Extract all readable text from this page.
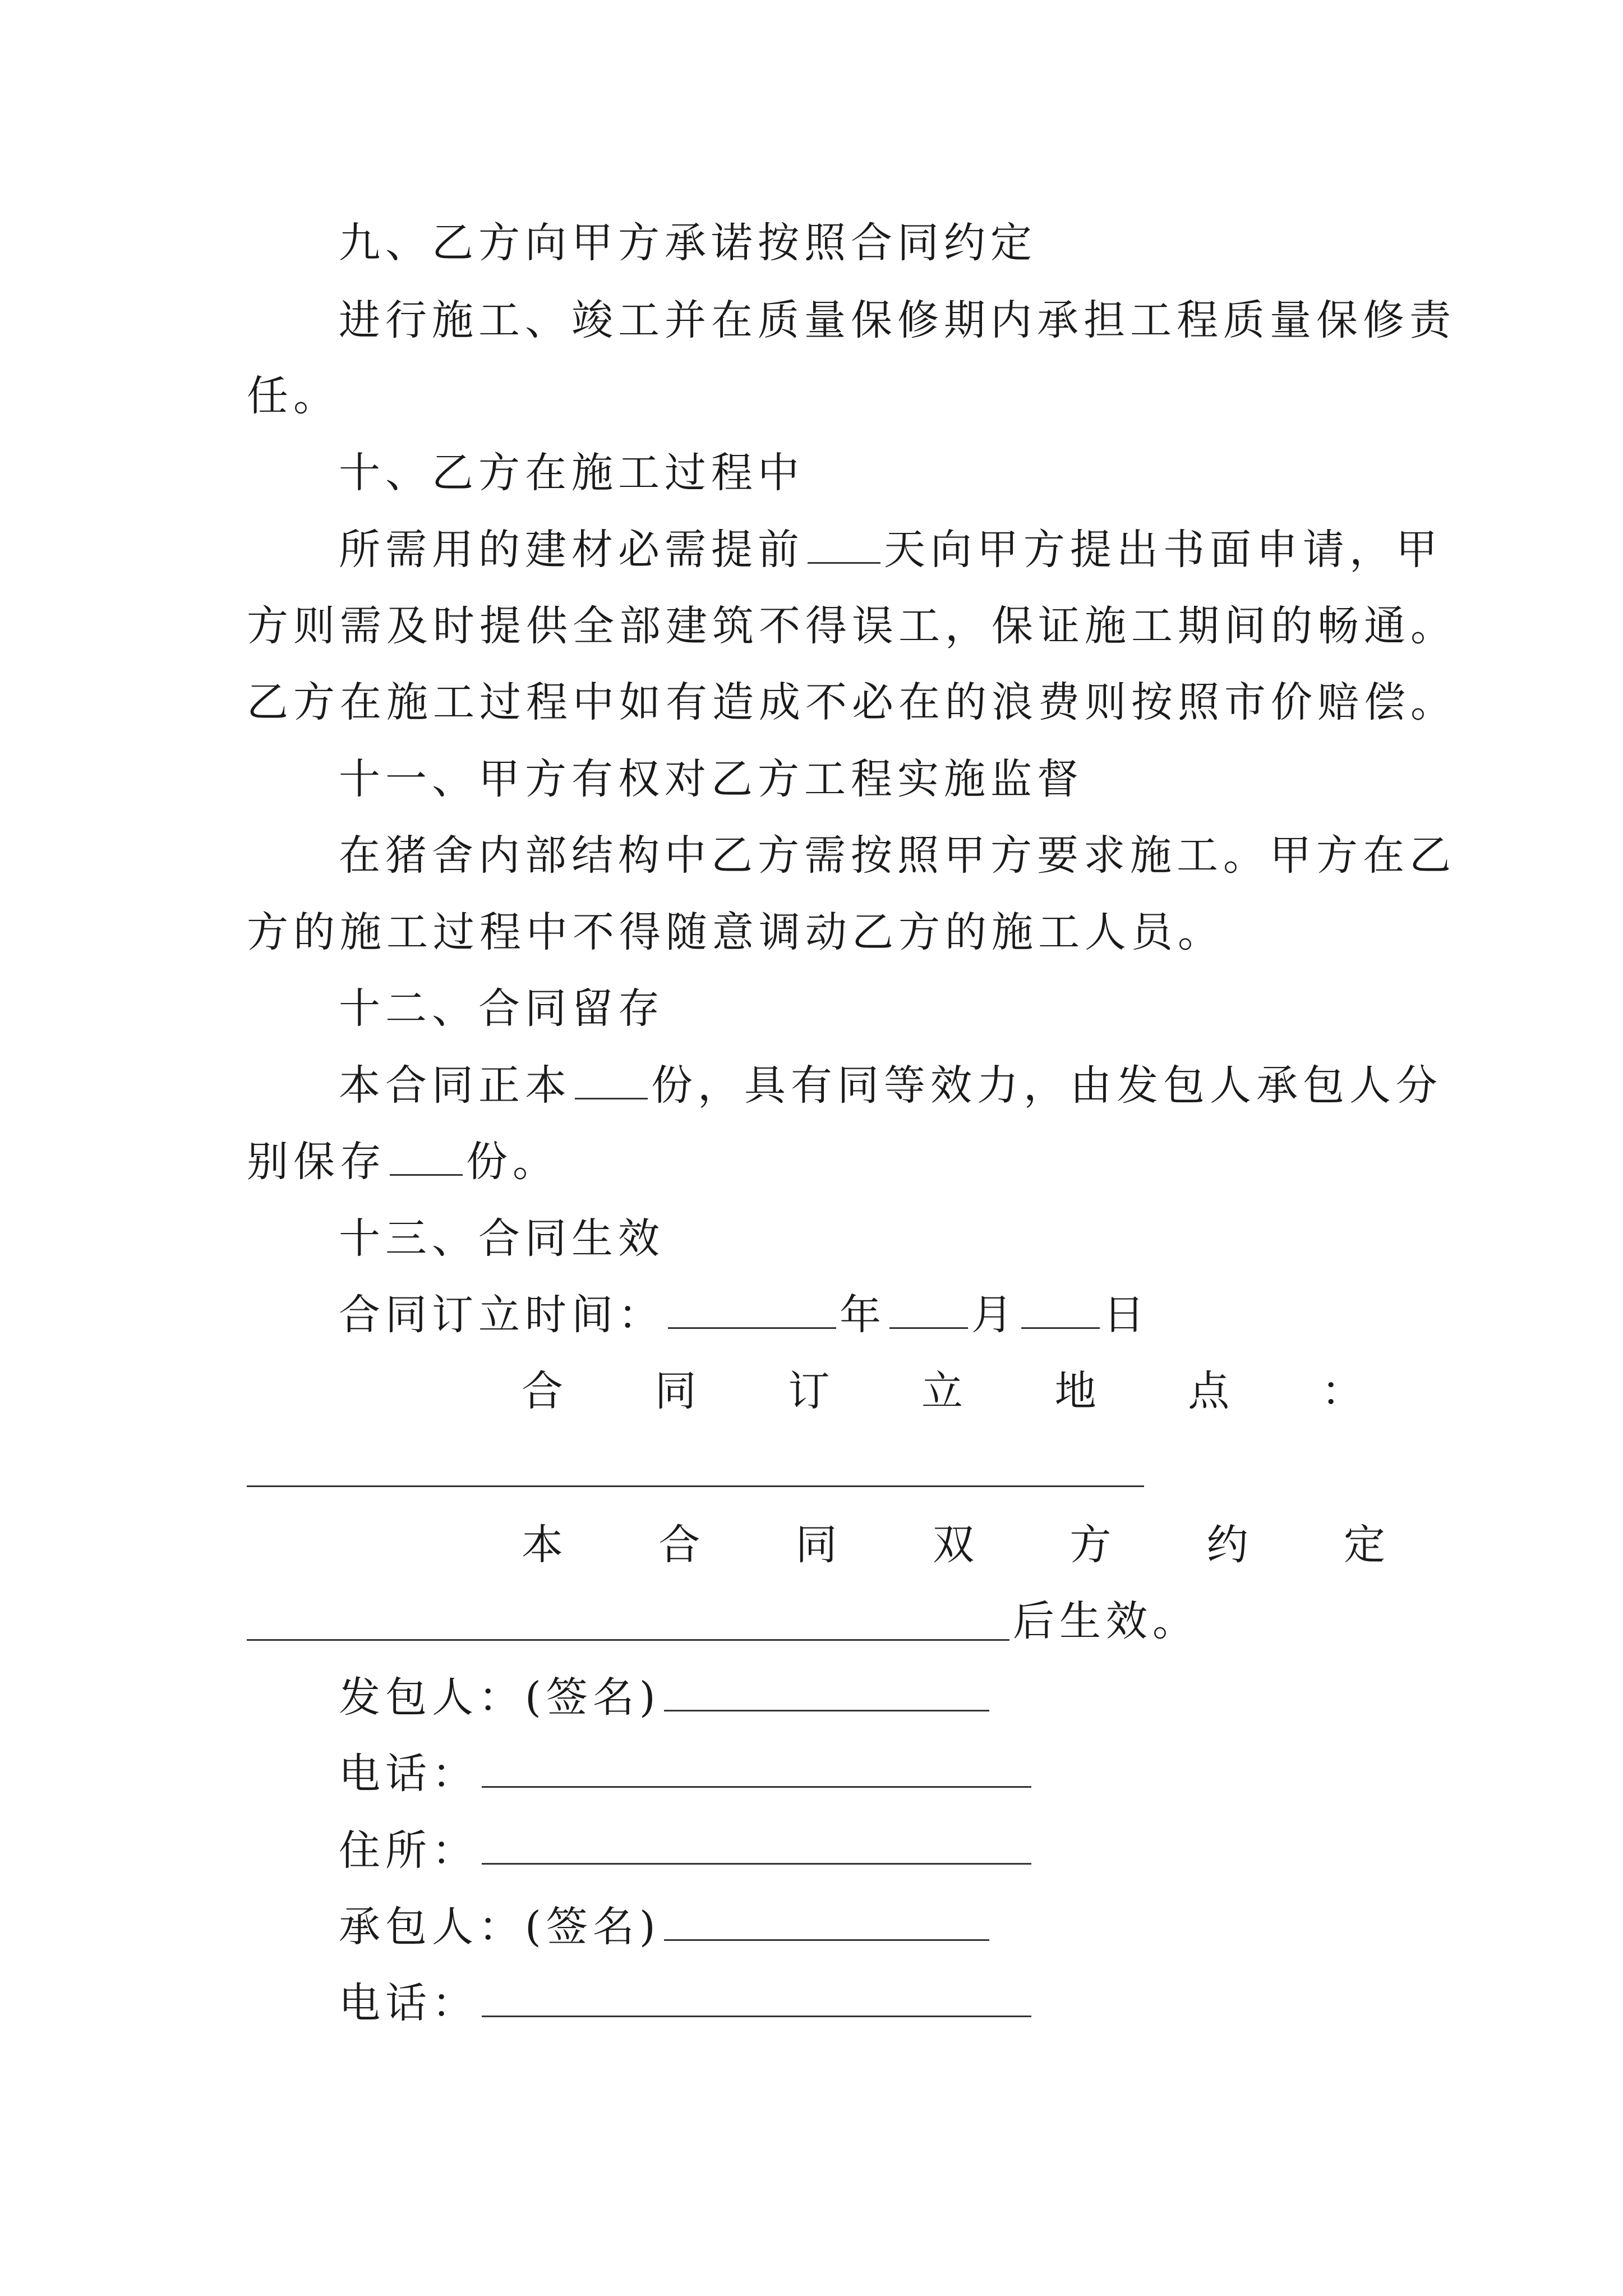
九、乙方向甲方承诺按照合同约定
进行施工、竣工并在质量保修期内承担工程质量保修责
任。
十、乙方在施工过程中
所需用的建材必需提前 天向甲方提出书面申请，甲
方则需及时提供全部建筑不得误工，保证施工期间的畅通。
乙方在施工过程中如有造成不必在的浪费则按照市价赔偿。
十一、甲方有权对乙方工程实施监督
在猪舍内部结构中乙方需按照甲方要求施工。甲方在乙
方的施工过程中不得随意调动乙方的施工人员。
十二、合同留存
本合同正本 份，具有同等效力，由发包人承包人分
别保存 份。
十三、合同生效
合同订立时间：	年 月 日
合 同 订 立 地 点 ：
本 合 同 双 方 约 定
后生效。
发包人：(签名)
电话：
住所：
承包人：(签名)
电话：
